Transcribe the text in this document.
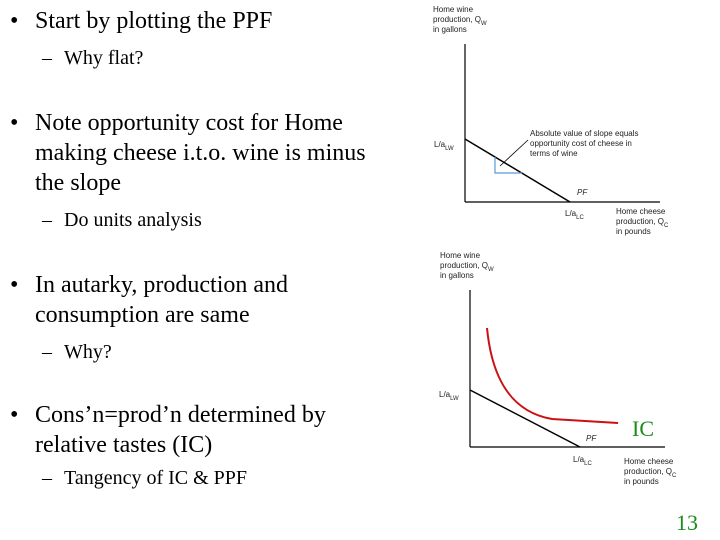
• Start by plotting the PPF
– Why flat?
• Note opportunity cost for Home making cheese i.t.o. wine is minus the slope
– Do units analysis
• In autarky, production and consumption are same
– Why?
• Cons’n=prod’n determined by relative tastes (IC)
– Tangency of IC & PPF
Home wine
production, $Q_W$
in gallons
$L/a_{LW}$
Absolute value of slope equals
opportunity cost of cheese in
terms of wine
PF
$L/a_{LC}$
Home cheese
production, $Q_C$
in pounds
Home wine
production, $Q_W$
in gallons
$L/a_{LW}$
PF IC
$L/a_{LC}$	Home cheese
production, $Q_C$
in pounds
13
